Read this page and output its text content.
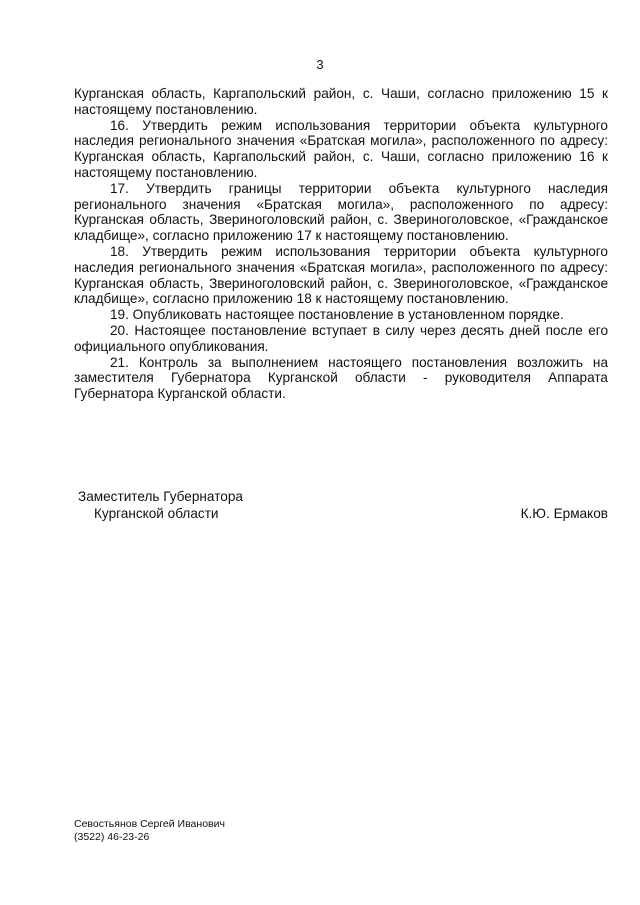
3

Курганская область, Каргапольский район, с. Чаши, согласно приложению 15 к настоящему постановлению.

16. Утвердить режим использования территории объекта культурного наследия регионального значения «Братская могила», расположенного по адресу: Курганская область, Каргапольский район, с. Чаши, согласно приложению 16 к настоящему постановлению.

17. Утвердить границы территории объекта культурного наследия регионального значения «Братская могила», расположенного по адресу: Курганская область, Звериноголовский район, с. Звериноголовское, «Гражданское кладбище», согласно приложению 17 к настоящему постановлению.

18. Утвердить режим использования территории объекта культурного наследия регионального значения «Братская могила», расположенного по адресу: Курганская область, Звериноголовский район, с. Звериноголовское, «Гражданское кладбище», согласно приложению 18 к настоящему постановлению.

19. Опубликовать настоящее постановление в установленном порядке.

20. Настоящее постановление вступает в силу через десять дней после его официального опубликования.

21. Контроль за выполнением настоящего постановления возложить на заместителя Губернатора Курганской области - руководителя Аппарата Губернатора Курганской области.

Заместитель Губернатора
Курганской области	К.Ю. Ермаков
Севостьянов Сергей Иванович
(3522) 46-23-26
